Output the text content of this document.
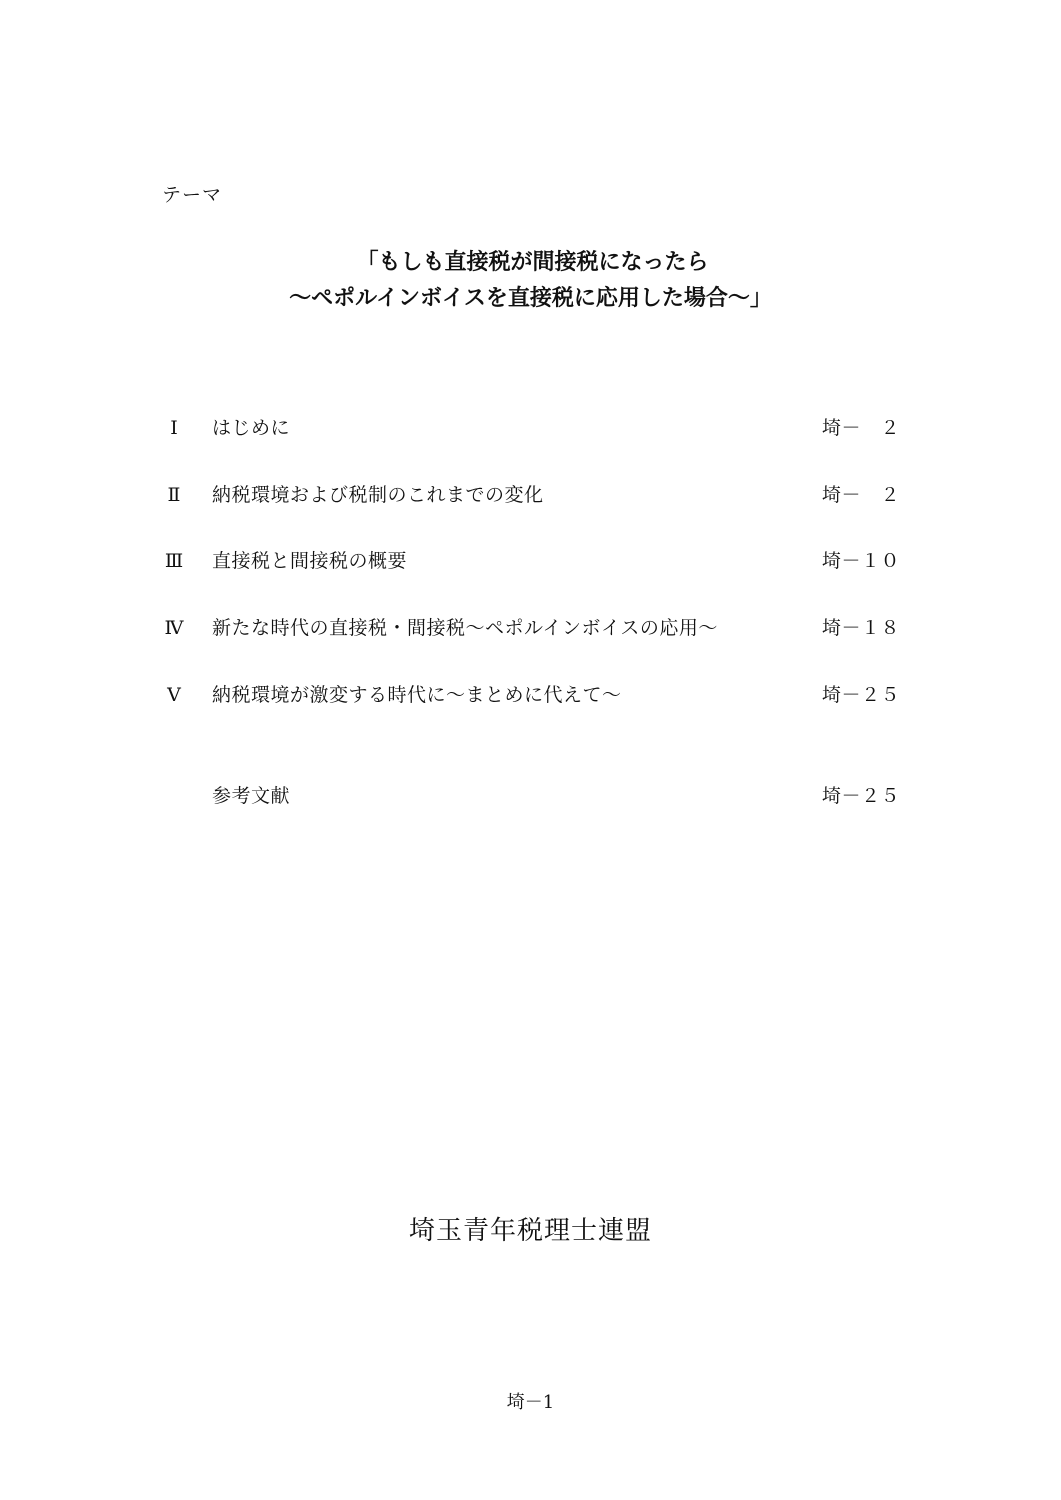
テーマ
「もしも直接税が間接税になったら
～ペポルインボイスを直接税に応用した場合～」
Ⅰ	はじめに	埼－　２
Ⅱ	納税環境および税制のこれまでの変化	埼－　２
Ⅲ 直接税と間接税の概要	埼－１０
Ⅳ 新たな時代の直接税・間接税～ペポルインボイスの応用～	埼－１８
Ⅴ	納税環境が激変する時代に～まとめに代えて～	埼－２５
参考文献	埼－２５
埼玉青年税理士連盟
埼－1
